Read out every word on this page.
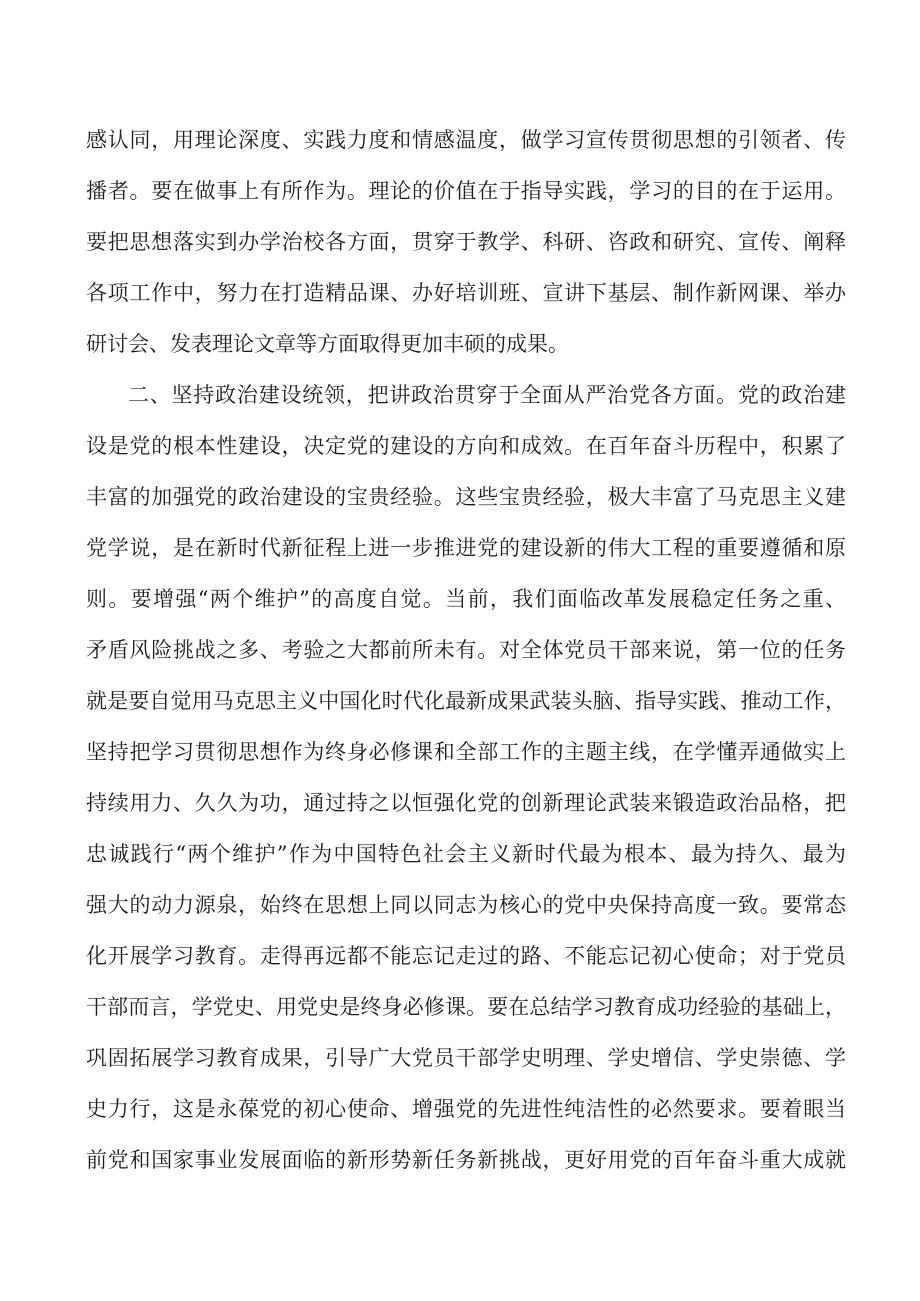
感认同，用理论深度、实践力度和情感温度，做学习宣传贯彻思想的引领者、传
播者。要在做事上有所作为。理论的价值在于指导实践，学习的目的在于运用。
要把思想落实到办学治校各方面，贯穿于教学、科研、咨政和研究、宣传、阐释
各项工作中，努力在打造精品课、办好培训班、宣讲下基层、制作新网课、举办
研讨会、发表理论文章等方面取得更加丰硕的成果。
二、坚持政治建设统领，把讲政治贯穿于全面从严治党各方面。党的政治建
设是党的根本性建设，决定党的建设的方向和成效。在百年奋斗历程中，积累了
丰富的加强党的政治建设的宝贵经验。这些宝贵经验，极大丰富了马克思主义建
党学说，是在新时代新征程上进一步推进党的建设新的伟大工程的重要遵循和原
则。要增强“两个维护”的高度自觉。当前，我们面临改革发展稳定任务之重、
矛盾风险挑战之多、考验之大都前所未有。对全体党员干部来说，第一位的任务
就是要自觉用马克思主义中国化时代化最新成果武装头脑、指导实践、推动工作，
坚持把学习贯彻思想作为终身必修课和全部工作的主题主线，在学懂弄通做实上
持续用力、久久为功，通过持之以恒强化党的创新理论武装来锻造政治品格，把
忠诚践行“两个维护”作为中国特色社会主义新时代最为根本、最为持久、最为
强大的动力源泉，始终在思想上同以同志为核心的党中央保持高度一致。要常态
化开展学习教育。走得再远都不能忘记走过的路、不能忘记初心使命；对于党员
干部而言，学党史、用党史是终身必修课。要在总结学习教育成功经验的基础上，
巩固拓展学习教育成果，引导广大党员干部学史明理、学史增信、学史崇德、学
史力行，这是永葆党的初心使命、增强党的先进性纯洁性的必然要求。要着眼当
前党和国家事业发展面临的新形势新任务新挑战，更好用党的百年奋斗重大成就
